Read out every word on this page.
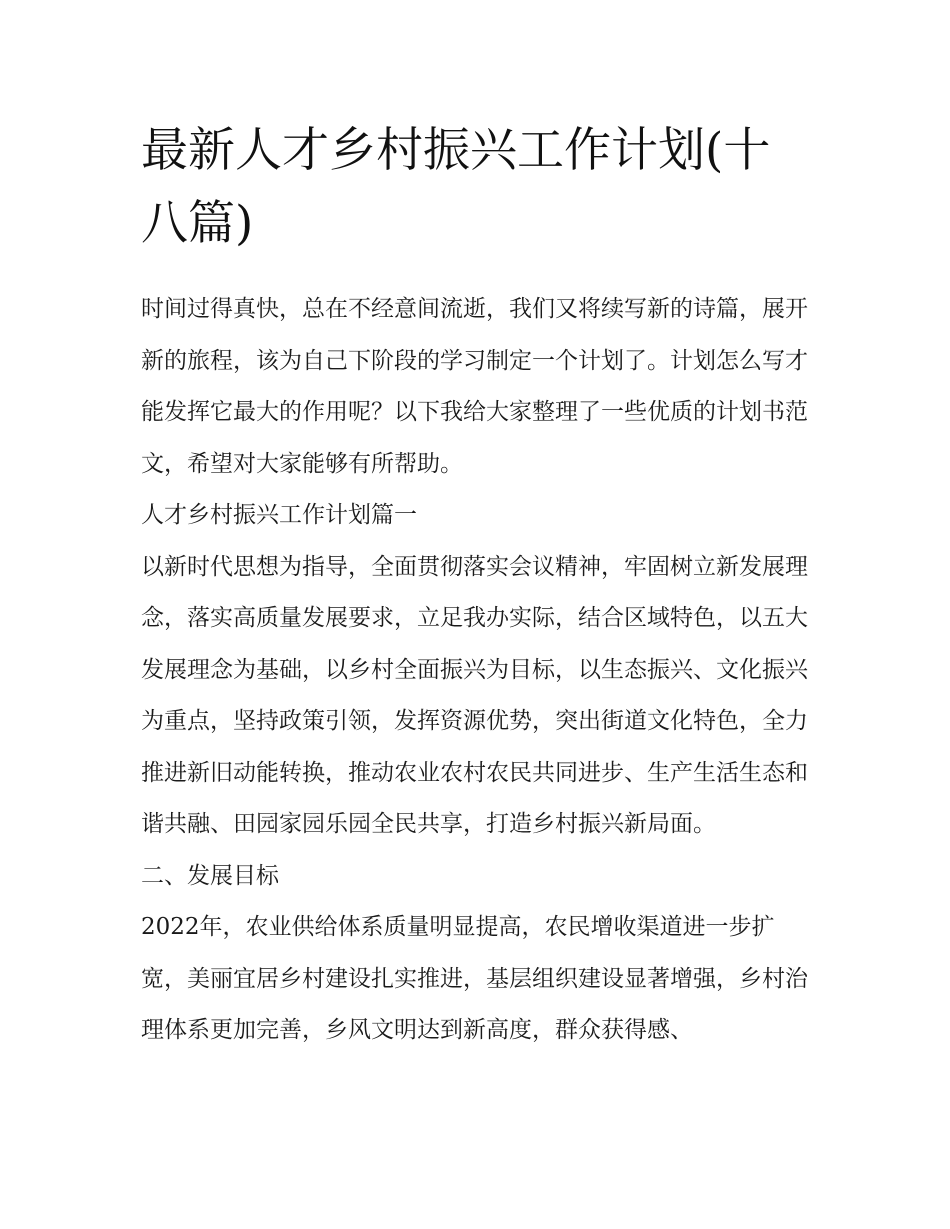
最新人才乡村振兴工作计划(十八篇)

时间过得真快，总在不经意间流逝，我们又将续写新的诗篇，展开新的旅程，该为自己下阶段的学习制定一个计划了。计划怎么写才能发挥它最大的作用呢？以下我给大家整理了一些优质的计划书范文，希望对大家能够有所帮助。

人才乡村振兴工作计划篇一

以新时代思想为指导，全面贯彻落实会议精神，牢固树立新发展理念，落实高质量发展要求，立足我办实际，结合区域特色，以五大发展理念为基础，以乡村全面振兴为目标，以生态振兴、文化振兴为重点，坚持政策引领，发挥资源优势，突出街道文化特色，全力推进新旧动能转换，推动农业农村农民共同进步、生产生活生态和谐共融、田园家园乐园全民共享，打造乡村振兴新局面。

二、发展目标

2022年，农业供给体系质量明显提高，农民增收渠道进一步扩宽，美丽宜居乡村建设扎实推进，基层组织建设显著增强，乡村治理体系更加完善，乡风文明达到新高度，群众获得感、
